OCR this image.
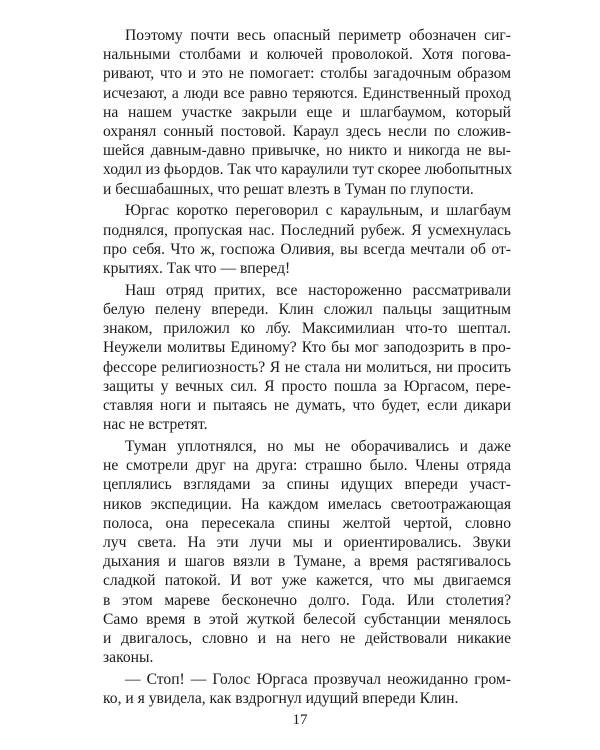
Поэтому почти весь опасный периметр обозначен сиг-
нальными столбами и колючей проволокой. Хотя погова-
ривают, что и это не помогает: столбы загадочным образом
исчезают, а люди все равно теряются. Единственный проход
на нашем участке закрыли еще и шлагбаумом, который
охранял сонный постовой. Караул здесь несли по сложив-
шейся давным-давно привычке, но никто и никогда не вы-
ходил из фьордов. Так что караулили тут скорее любопытных
и бесшабашных, что решат влезть в Туман по глупости.
Юргас коротко переговорил с караульным, и шлагбаум
поднялся, пропуская нас. Последний рубеж. Я усмехнулась
про себя. Что ж, госпожа Оливия, вы всегда мечтали об от-
крытиях. Так что — вперед!
Наш отряд притих, все настороженно рассматривали
белую пелену впереди. Клин сложил пальцы защитным
знаком, приложил ко лбу. Максимилиан что-то шептал.
Неужели молитвы Единому? Кто бы мог заподозрить в про-
фессоре религиозность? Я не стала ни молиться, ни просить
защиты у вечных сил. Я просто пошла за Юргасом, пере-
ставляя ноги и пытаясь не думать, что будет, если дикари
нас не встретят.
Туман уплотнялся, но мы не оборачивались и даже
не смотрели друг на друга: страшно было. Члены отряда
цеплялись взглядами за спины идущих впереди участ-
ников экспедиции. На каждом имелась светоотражающая
полоса, она пересекала спины желтой чертой, словно
луч света. На эти лучи мы и ориентировались. Звуки
дыхания и шагов вязли в Тумане, а время растягивалось
сладкой патокой. И вот уже кажется, что мы двигаемся
в этом мареве бесконечно долго. Года. Или столетия?
Само время в этой жуткой белесой субстанции менялось
и двигалось, словно и на него не действовали никакие
законы.
— Стоп! — Голос Юргаса прозвучал неожиданно гром-
ко, и я увидела, как вздрогнул идущий впереди Клин.
17
